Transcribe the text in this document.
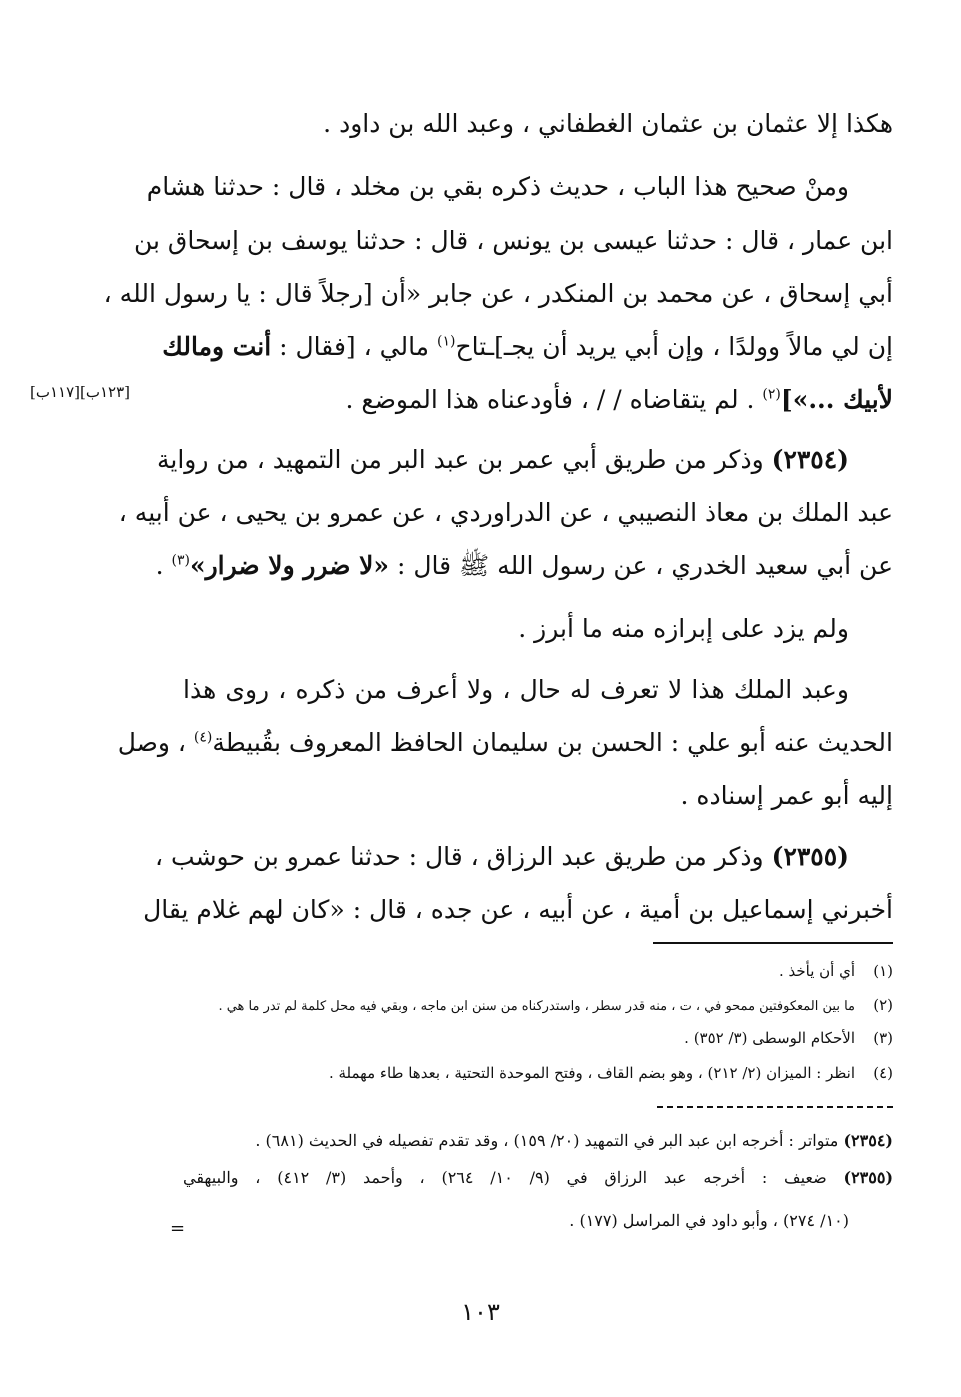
هكذا إلا عثمان بن عثمان الغطفاني ، وعبد الله بن داود .
ومنْ صحيح هذا الباب ، حديث ذكره بقي بن مخلد ، قال : حدثنا هشام
ابن عمار ، قال : حدثنا عيسى بن يونس ، قال : حدثنا يوسف بن إسحاق بن
أبي إسحاق ، عن محمد بن المنكدر ، عن جابر «أن [رجلاً قال : يا رسول الله ،
إن لي مالاً وولدًا ، وإن أبي يريد أن يجـ]ـتاح$^{(١)}$ مالي ، [فقال : أنت ومالك
لأبيك ...»]$^{(٢)}$ . لم يتقاضاه / / ، فأودعناه هذا الموضع .
[١٢٣ب][١١٧ب]
(٢٣٥٤) وذكر من طريق أبي عمر بن عبد البر من التمهيد ، من رواية
عبد الملك بن معاذ النصيبي ، عن الدراوردي ، عن عمرو بن يحيى ، عن أبيه ،
عن أبي سعيد الخدري ، عن رسول الله ﷺ قال : «لا ضرر ولا ضرار»$^{(٣)}$ .
ولم يزد على إبرازه منه ما أبرز .
وعبد الملك هذا لا تعرف له حال ، ولا أعرف من ذكره ، روى هذا
الحديث عنه أبو علي : الحسن بن سليمان الحافظ المعروف بقُبيطة$^{(٤)}$ ، وصل
إليه أبو عمر إسناده .
(٢٣٥٥) وذكر من طريق عبد الرزاق ، قال : حدثنا عمرو بن حوشب ،
أخبرني إسماعيل بن أمية ، عن أبيه ، عن جده ، قال : «كان لهم غلام يقال
(١)أي أن يأخذ .
(٢)ما بين المعكوفتين ممحو في ، ت ، منه قدر سطر ، واستدركناه من سنن ابن ماجه ، وبقي فيه محل كلمة لم تدر ما هي .
(٣)الأحكام الوسطى (٣/ ٣٥٢) .
(٤)انظر : الميزان (٢/ ٢١٢) ، وهو بضم القاف ، وفتح الموحدة التحتية ، بعدها طاء مهملة .
(٢٣٥٤) متواتر : أخرجه ابن عبد البر في التمهيد (٢٠/ ١٥٩) ، وقد تقدم تفصيله في الحديث (٦٨١) .
(٢٣٥٥) ضعيف : أخرجه عبد الرزاق في (٩/ ١٠/ ٢٦٤) ، وأحمد (٣/ ٤١٢) ، والبيهقي
(١٠/ ٢٧٤) ، وأبو داود في المراسل (١٧٧) .
=
١٠٣
